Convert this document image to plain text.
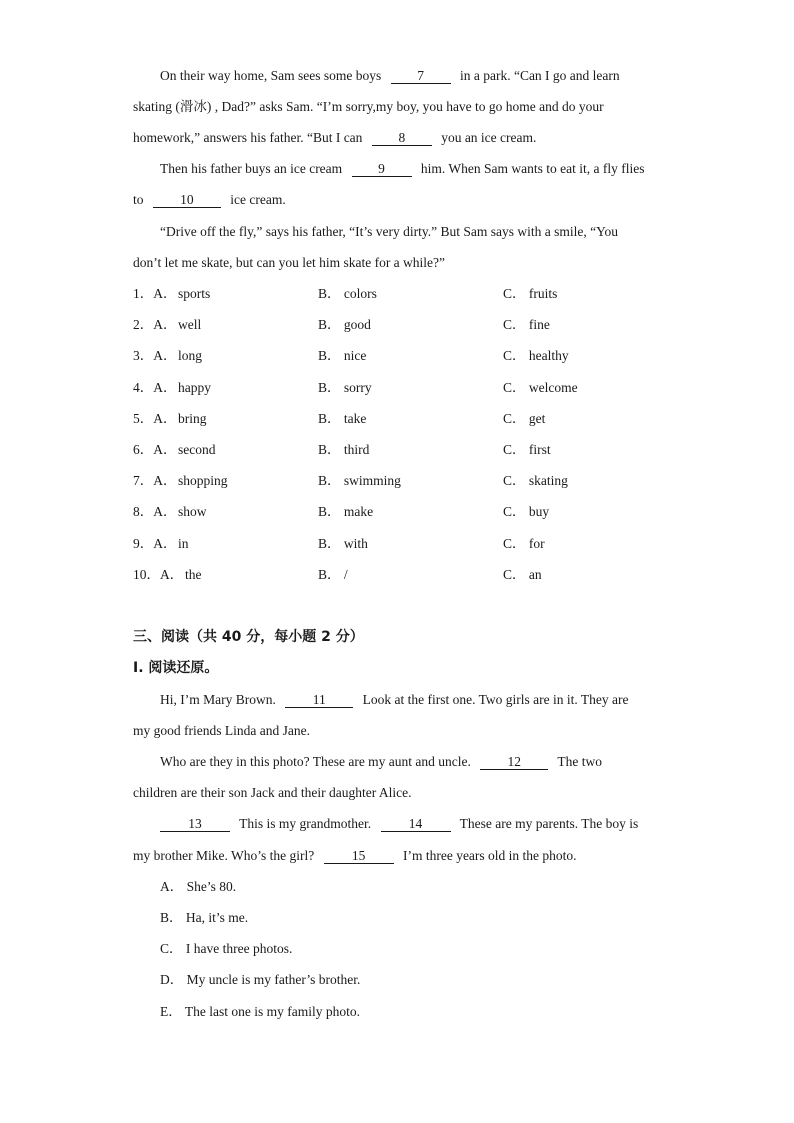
On their way home, Sam sees some boys	7	in a park. “Can I go and learn
skating (滑冰) , Dad?” asks Sam. “I’m sorry,my boy, you have to go home and do your
homework,” answers his father. “But I can	8	you an ice cream.
Then his father buys an ice cream	9	him. When Sam wants to eat it, a fly flies
to	10	ice cream.
“Drive off the fly,” says his father, “It’s very dirty.” But Sam says with a smile, “You
don’t let me skate, but can you let him skate for a while?”
1．A． sports	B． colors	C． fruits
2．A． well	B． good	C． fine
3．A． long	B． nice	C． healthy
4．A． happy	B． sorry	C． welcome
5．A． bring	B． take	C． get
6．A． second	B． third	C． first
7．A． shopping	B． swimming	C． skating
8．A． show	B． make	C． buy
9．A． in	B． with	C． for
10．A． the	B． /	C． an
三、阅读（共 40 分，每小题 2 分）
I. 阅读还原。
Hi, I’m Mary Brown.	11	Look at the first one. Two girls are in it. They are
my good friends Linda and Jane.
Who are they in this photo? These are my aunt and uncle.	12	The two
children are their son Jack and their daughter Alice.
13	This is my grandmother.	14	These are my parents. The boy is
my brother Mike. Who’s the girl?	15	I’m three years old in the photo.
A． She’s 80.
B． Ha, it’s me.
C． I have three photos.
D． My uncle is my father’s brother.
E． The last one is my family photo.
